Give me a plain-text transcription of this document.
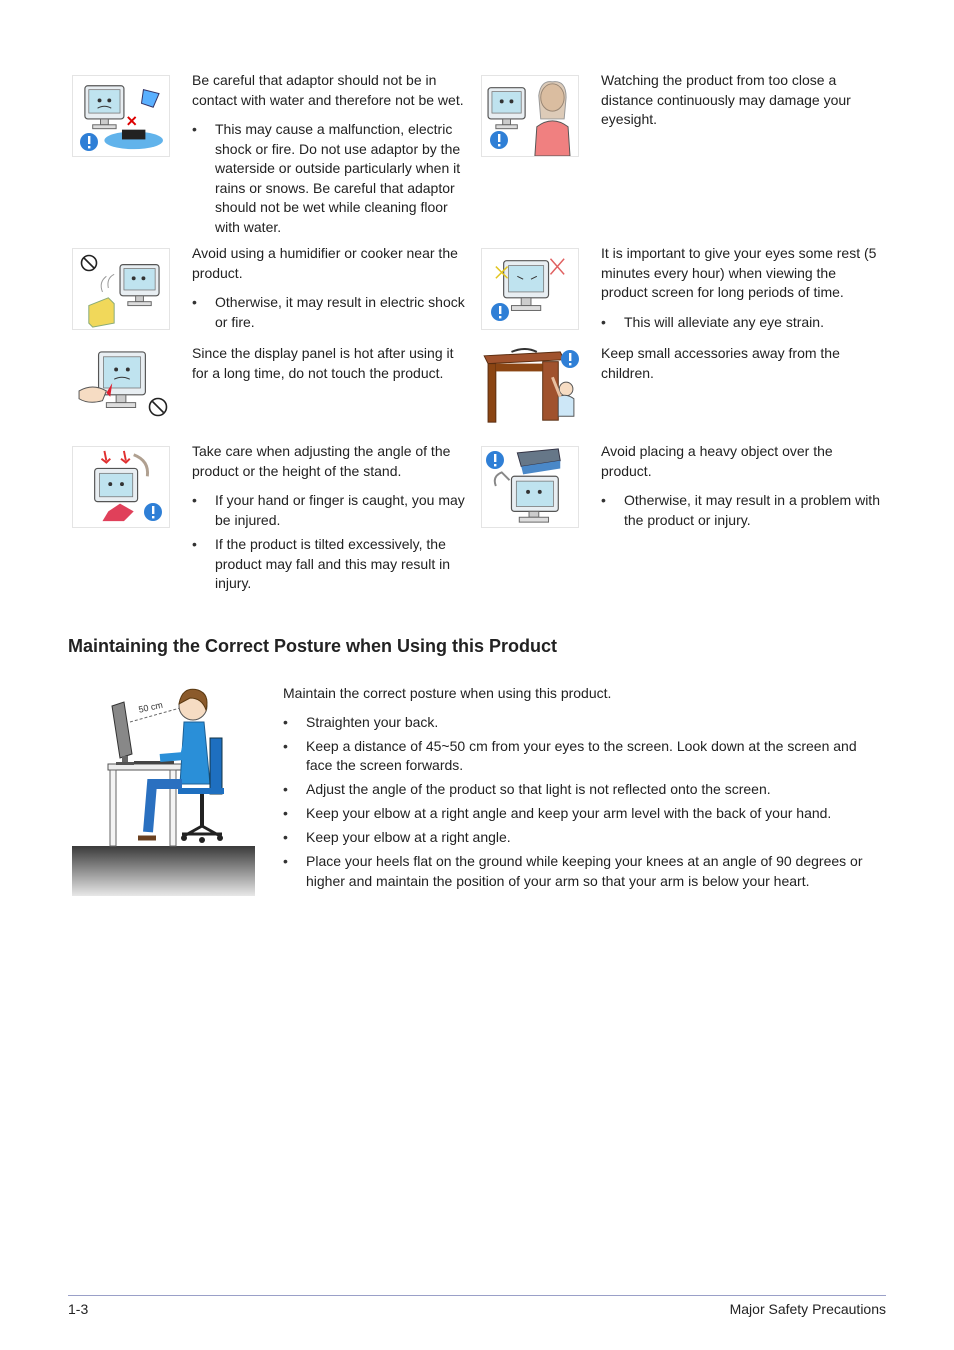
Be careful that adaptor should not be in contact with water and therefore not be wet.

• This may cause a malfunction, electric shock or fire. Do not use adaptor by the waterside or outside particularly when it rains or snows. Be careful that adaptor should not be wet while cleaning floor with water.

Watching the product from too close a distance continuously may damage your eyesight.

Avoid using a humidifier or cooker near the product.

• Otherwise, it may result in electric shock or fire.

It is important to give your eyes some rest (5 minutes every hour) when viewing the product screen for long periods of time.

• This will alleviate any eye strain.

Since the display panel is hot after using it for a long time, do not touch the product.

Keep small accessories away from the children.

Take care when adjusting the angle of the product or the height of the stand.

• If your hand or finger is caught, you may be injured.
• If the product is tilted excessively, the product may fall and this may result in injury.

Avoid placing a heavy object over the product.

• Otherwise, it may result in a problem with the product or injury.
Maintaining the Correct Posture when Using this Product
50 cm

Maintain the correct posture when using this product.

• Straighten your back.
• Keep a distance of 45~50 cm from your eyes to the screen. Look down at the screen and face the screen forwards.
• Adjust the angle of the product so that light is not reflected onto the screen.
• Keep your elbow at a right angle and keep your arm level with the back of your hand.
• Keep your elbow at a right angle.
• Place your heels flat on the ground while keeping your knees at an angle of 90 degrees or higher and maintain the position of your arm so that your arm is below your heart.
1-3	Major Safety Precautions
